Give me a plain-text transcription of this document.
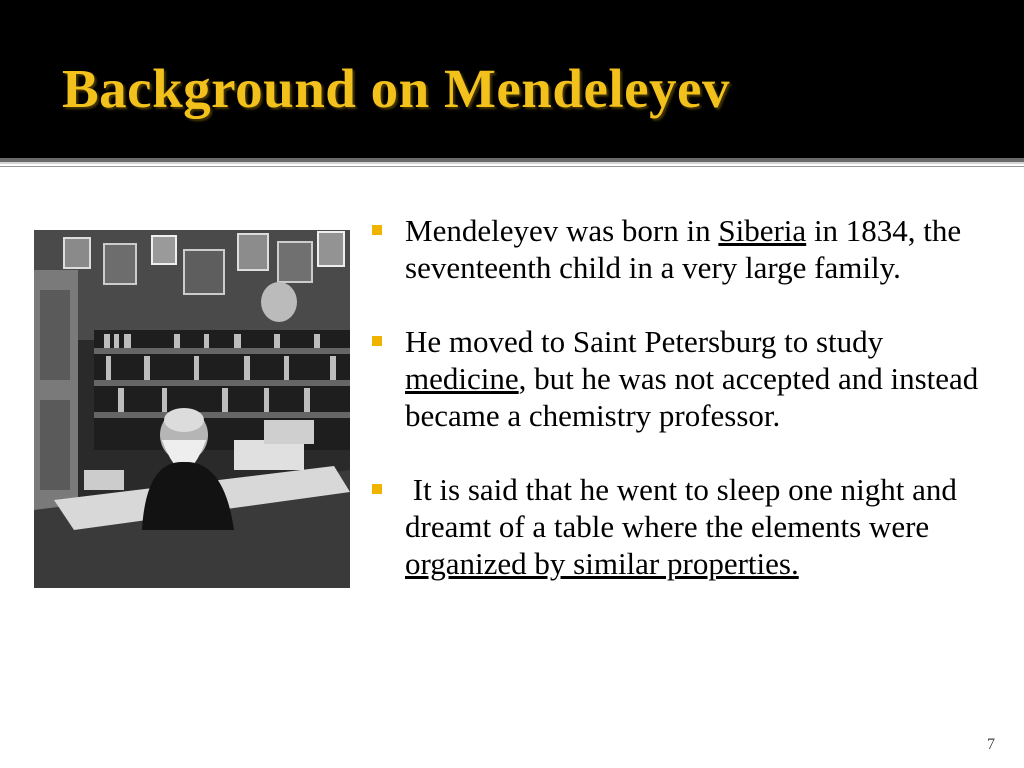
Background on Mendeleyev
Mendeleyev was born in Siberia in 1834, the seventeenth child in a very large family.
He moved to Saint Petersburg to study medicine, but he was not accepted and instead became a chemistry professor.
It is said that he went to sleep one night and dreamt of a table where the elements were organized by similar properties.
7
